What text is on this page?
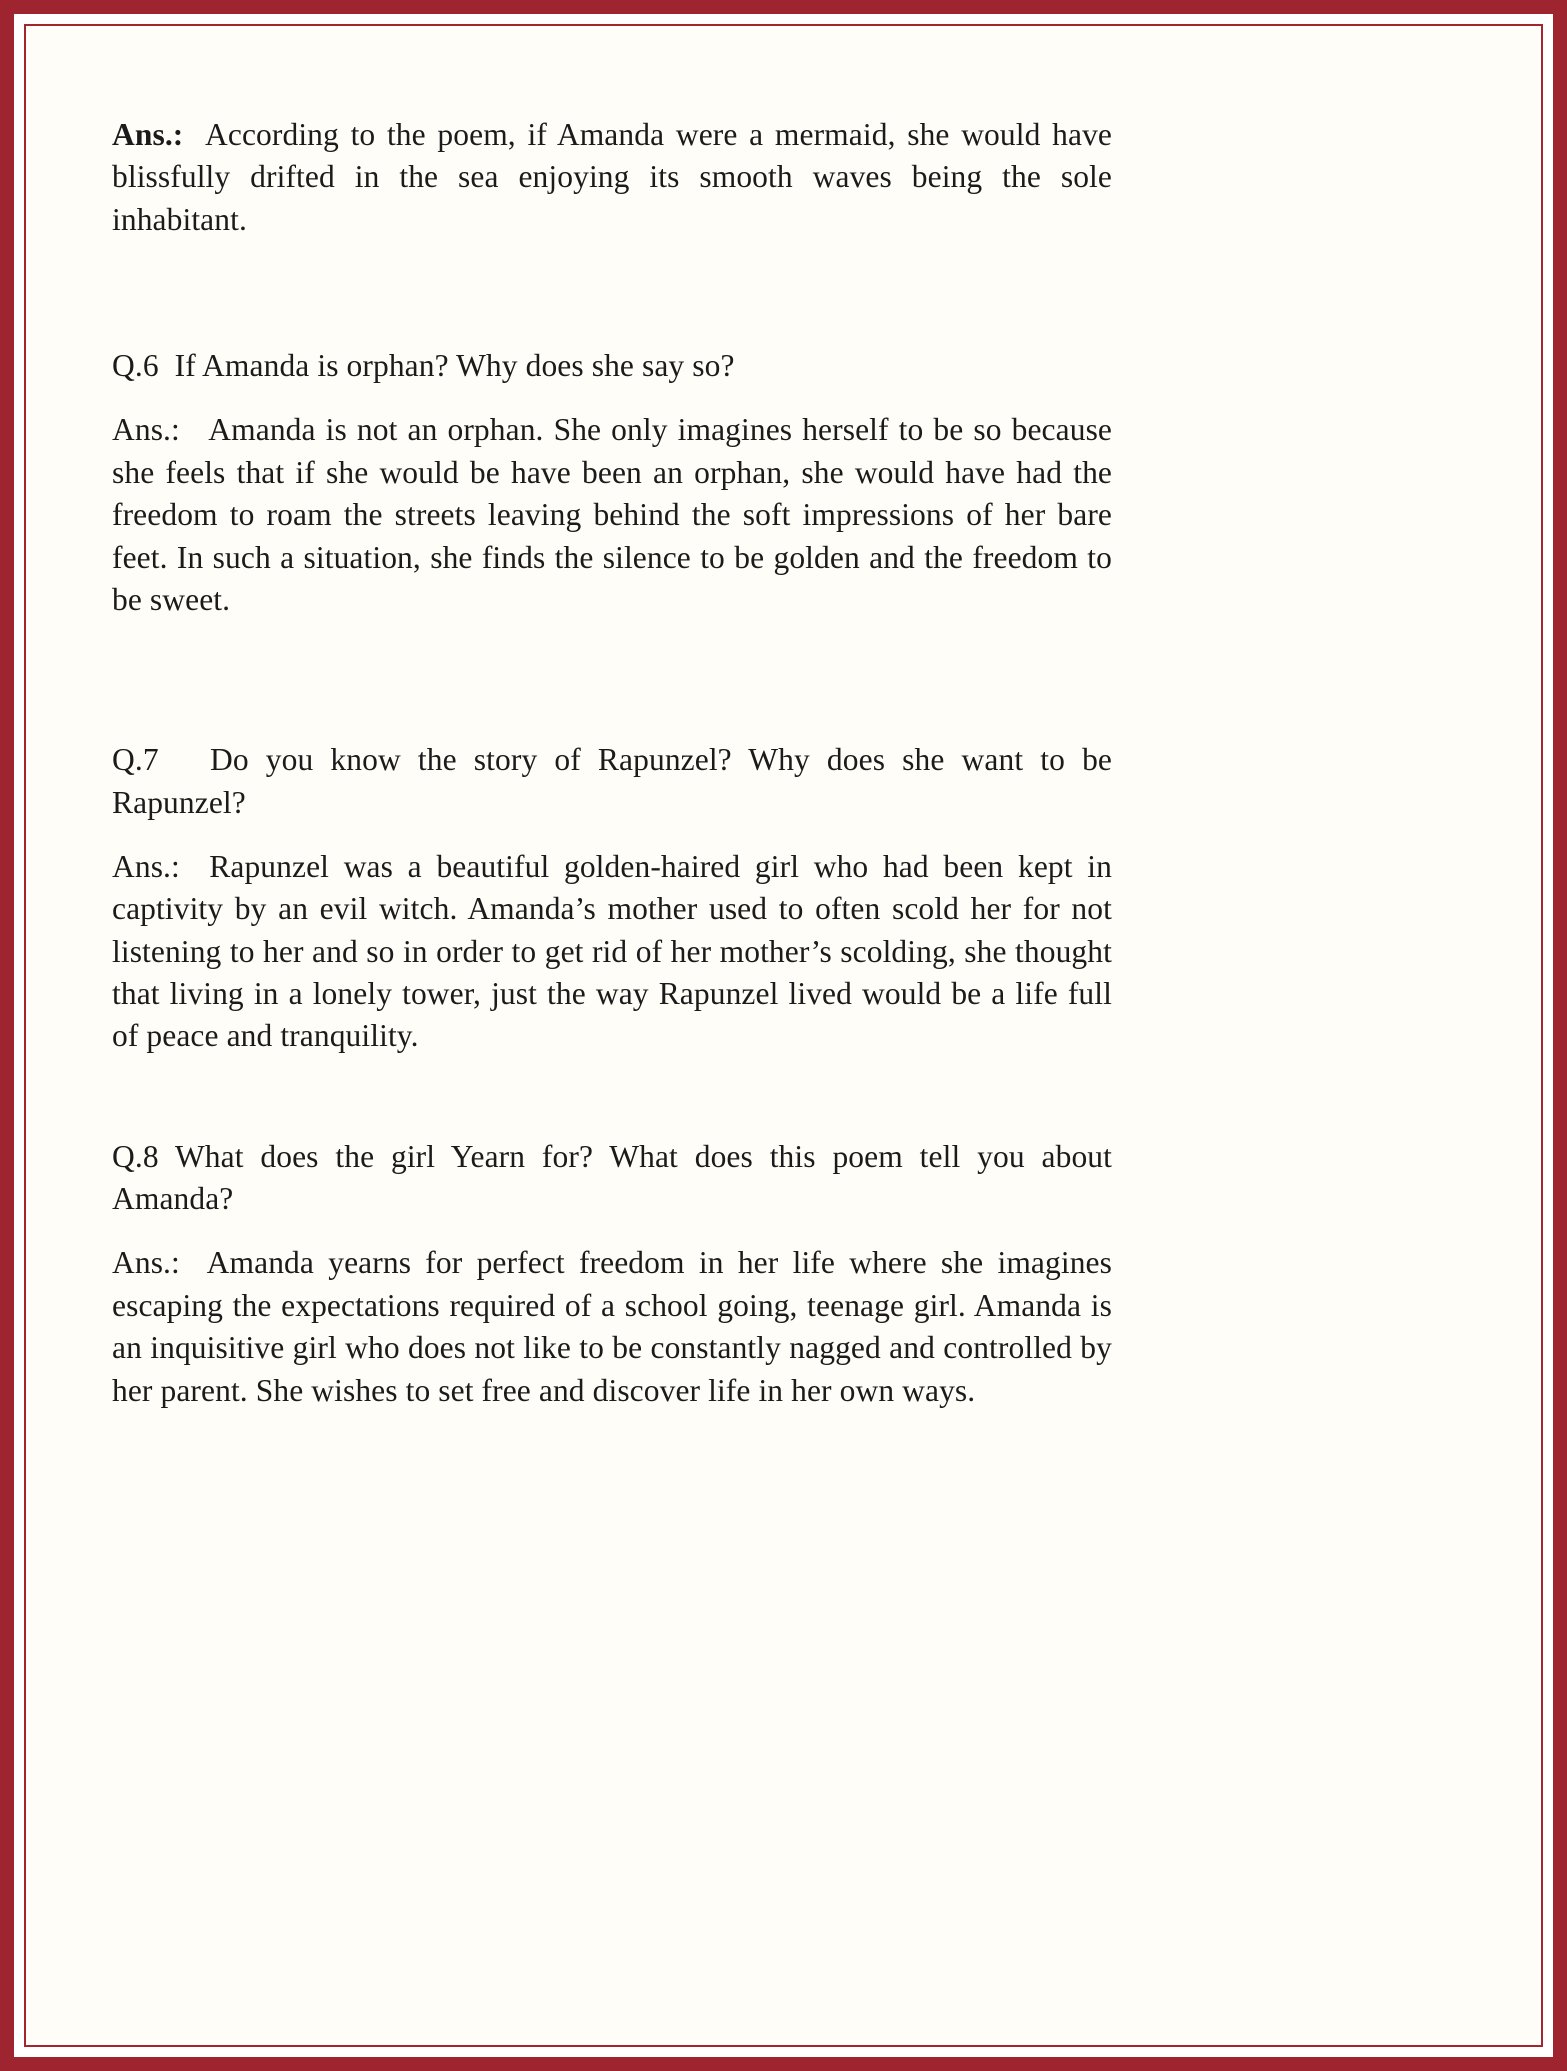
Ans.: According to the poem, if Amanda were a mermaid, she would have blissfully drifted in the sea enjoying its smooth waves being the sole inhabitant.

Q.6 If Amanda is orphan? Why does she say so?

Ans.: Amanda is not an orphan. She only imagines herself to be so because she feels that if she would be have been an orphan, she would have had the freedom to roam the streets leaving behind the soft impressions of her bare feet. In such a situation, she finds the silence to be golden and the freedom to be sweet.

Q.7 Do you know the story of Rapunzel? Why does she want to be Rapunzel?

Ans.: Rapunzel was a beautiful golden-haired girl who had been kept in captivity by an evil witch. Amanda’s mother used to often scold her for not listening to her and so in order to get rid of her mother’s scolding, she thought that living in a lonely tower, just the way Rapunzel lived would be a life full of peace and tranquility.

Q.8 What does the girl Yearn for? What does this poem tell you about Amanda?

Ans.: Amanda yearns for perfect freedom in her life where she imagines escaping the expectations required of a school going, teenage girl. Amanda is an inquisitive girl who does not like to be constantly nagged and controlled by her parent. She wishes to set free and discover life in her own ways.
